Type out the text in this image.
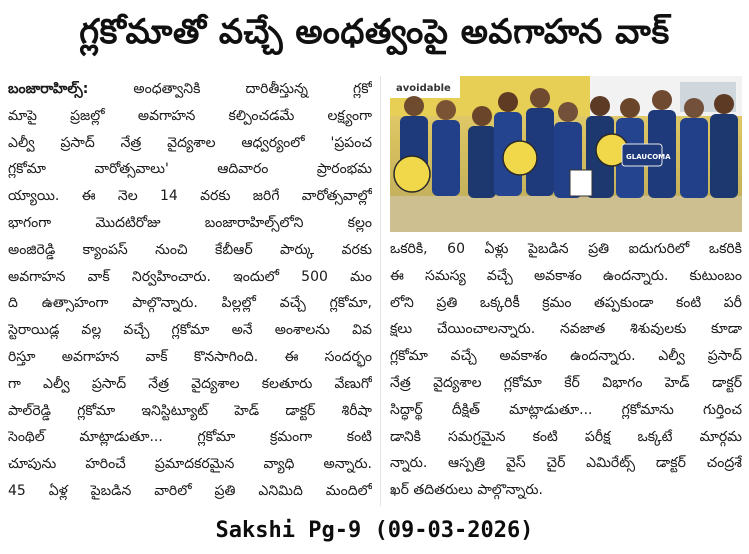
గ్లకోమాతో వచ్చే అంధత్వంపై అవగాహన వాక్
బంజారాహిల్స్:	అంధత్వానికి దారితీస్తున్న గ్లకో
మాపై ప్రజల్లో అవగాహన కల్పించడమే లక్ష్యంగా
ఎల్వీ ప్రసాద్ నేత్ర వైద్యశాల ఆధ్వర్యంలో 'ప్రపంచ
గ్లకోమా వారోత్సవాలు' ఆదివారం ప్రారంభమ
య్యాయి. ఈ నెల 14 వరకు జరిగే వారోత్సవాల్లో
భాగంగా మొదటిరోజు బంజారాహిల్స్‌లోని కల్లం
అంజిరెడ్డి క్యాంపస్ నుంచి కేబీఆర్ పార్కు వరకు
అవగాహన వాక్ నిర్వహించారు. ఇందులో 500 మం
ది ఉత్సాహంగా పాల్గొన్నారు. పిల్లల్లో వచ్చే గ్లకోమా,
స్టెరాయిడ్ల వల్ల వచ్చే గ్లకోమా అనే అంశాలను వివ
రిస్తూ అవగాహన వాక్ కొనసాగింది. ఈ సందర్భం
గా ఎల్వీ ప్రసాద్ నేత్ర వైద్యశాల కలతూరు వేణుగో
పాల్‌రెడ్డి గ్లకోమా ఇనిస్టిట్యూట్ హెడ్ డాక్టర్ శిరీషా
సెంథిల్ మాట్లాడుతూ... గ్లకోమా క్రమంగా కంటి
చూపును హరించే ప్రమాదకరమైన వ్యాధి అన్నారు.
45 ఏళ్ల పైబడిన వారిలో ప్రతి ఎనిమిది మందిలో
avoidable
GLAUCOMA
ఒకరికి, 60 ఏళ్లు పైబడిన ప్రతి ఐదుగురిలో ఒకరికి
ఈ సమస్య వచ్చే అవకాశం ఉందన్నారు. కుటుంబం
లోని ప్రతి ఒక్కరికీ క్రమం తప్పకుండా కంటి పరీ
క్షలు చేయించాలన్నారు. నవజాత శిశువులకు కూడా
గ్లకోమా వచ్చే అవకాశం ఉందన్నారు. ఎల్వీ ప్రసాద్
నేత్ర వైద్యశాల గ్లకోమా కేర్ విభాగం హెడ్ డాక్టర్
సిద్ధార్థ్ దీక్షిత్ మాట్లాడుతూ... గ్లకోమాను గుర్తించ
డానికి సమగ్రమైన కంటి పరీక్ష ఒక్కటే మార్గమ
న్నారు. ఆస్పత్రి వైస్ చైర్ ఎమిరేట్స్ డాక్టర్ చంద్రశే
ఖర్ తదితరులు పాల్గొన్నారు.
Sakshi Pg-9 (09-03-2026)
